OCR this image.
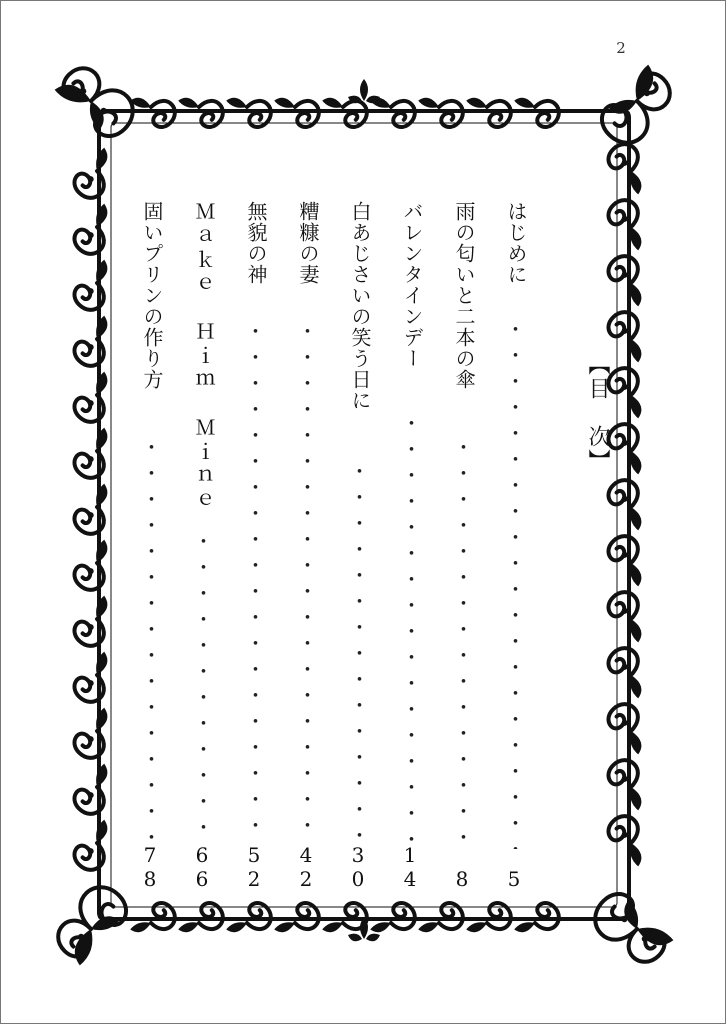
2
【目　次】
はじめに
・・・・・・・・・・・・・・・・・・・・・・・・・・・・・・・・・・
5
雨の匂いと二本の傘
・・・・・・・・・・・・・・・・・・・・・・・・・・・・・・・・・・
8
バレンタインデー
・・・・・・・・・・・・・・・・・・・・・・・・・・・・・・・・・・
14
白あじさいの笑う日に
・・・・・・・・・・・・・・・・・・・・・・・・・・・・・・・・・・
30
糟糠の妻
・・・・・・・・・・・・・・・・・・・・・・・・・・・・・・・・・・
42
無貌の神
・・・・・・・・・・・・・・・・・・・・・・・・・・・・・・・・・・
52
Ｍａｋｅ　Ｈｉｍ　Ｍｉｎｅ
・・・・・・・・・・・・・・・・・・・・・・・・・・・・・・・・・・
66
固いプリンの作り方
・・・・・・・・・・・・・・・・・・・・・・・・・・・・・・・・・・
78
